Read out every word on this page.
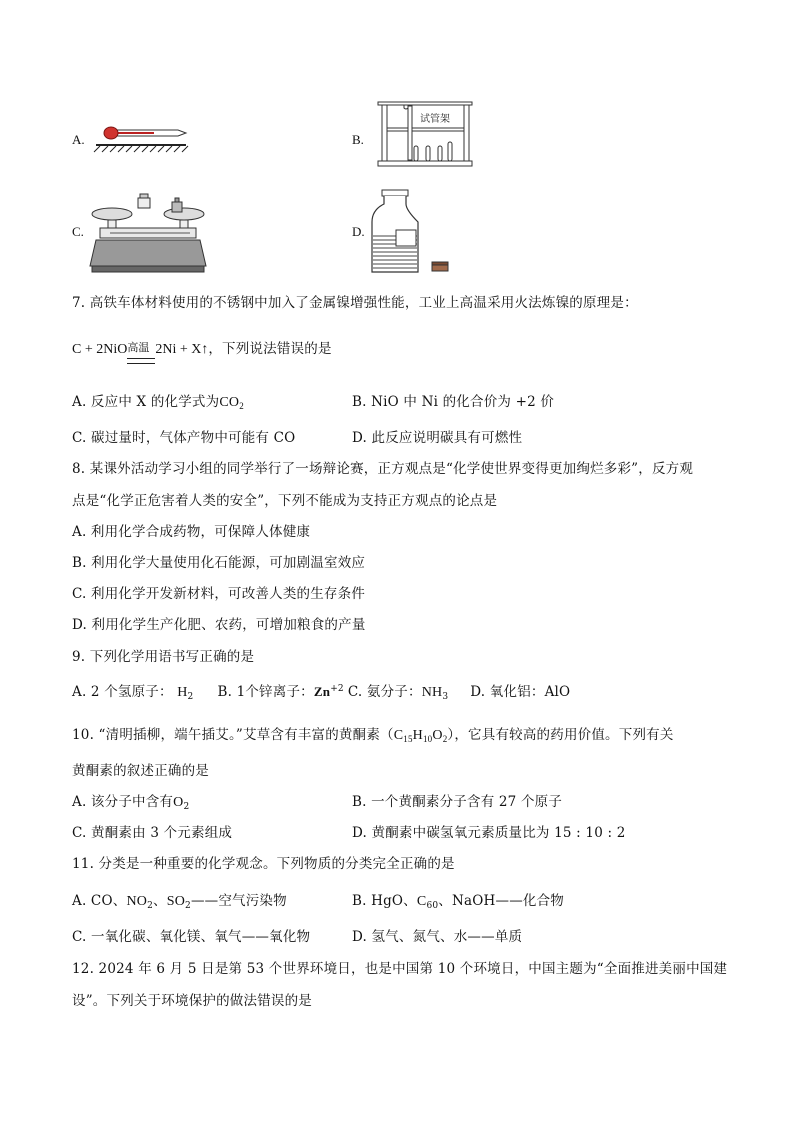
A.	B.
试管架
C.	D.
7. 高铁车体材料使用的不锈钢中加入了金属镍增强性能，工业上高温采用火法炼镍的原理是：
C + 2NiO 高温 2Ni + X↑，下列说法错误的是
A. 反应中 X 的化学式为$CO_2$	B. NiO 中 Ni 的化合价为 +2 价
C. 碳过量时，气体产物中可能有 CO	D. 此反应说明碳具有可燃性
8. 某课外活动学习小组的同学举行了一场辩论赛，正方观点是“化学使世界变得更加绚烂多彩”，反方观
点是“化学正危害着人类的安全”，下列不能成为支持正方观点的论点是
A. 利用化学合成药物，可保障人体健康
B. 利用化学大量使用化石能源，可加剧温室效应
C. 利用化学开发新材料，可改善人类的生存条件
D. 利用化学生产化肥、农药，可增加粮食的产量
9. 下列化学用语书写正确的是
A. 2 个氢原子： $H_2$ B. 1个锌离子：$Zn^{+2}$ C. 氨分子：$NH_3$ D. 氧化铝：AlO
10. “清明插柳，端午插艾。”艾草含有丰富的黄酮素$(C_{15}H_{10}O_2)$，它具有较高的药用价值。下列有关
黄酮素的叙述正确的是
A. 该分子中含有$O_2$	B. 一个黄酮素分子含有 27 个原子
C. 黄酮素由 3 个元素组成	D. 黄酮素中碳氢氧元素质量比为 15 : 10 : 2
11. 分类是一种重要的化学观念。下列物质的分类完全正确的是
A. CO、$NO_2$、$SO_2——$空气污染物	B. HgO、$C_{60}$、NaOH——化合物
C. 一氧化碳、氧化镁、氧气——氧化物	D. 氢气、氮气、水——单质
12. 2024 年 6 月 5 日是第 53 个世界环境日，也是中国第 10 个环境日，中国主题为“全面推进美丽中国建
设”。下列关于环境保护的做法错误的是
